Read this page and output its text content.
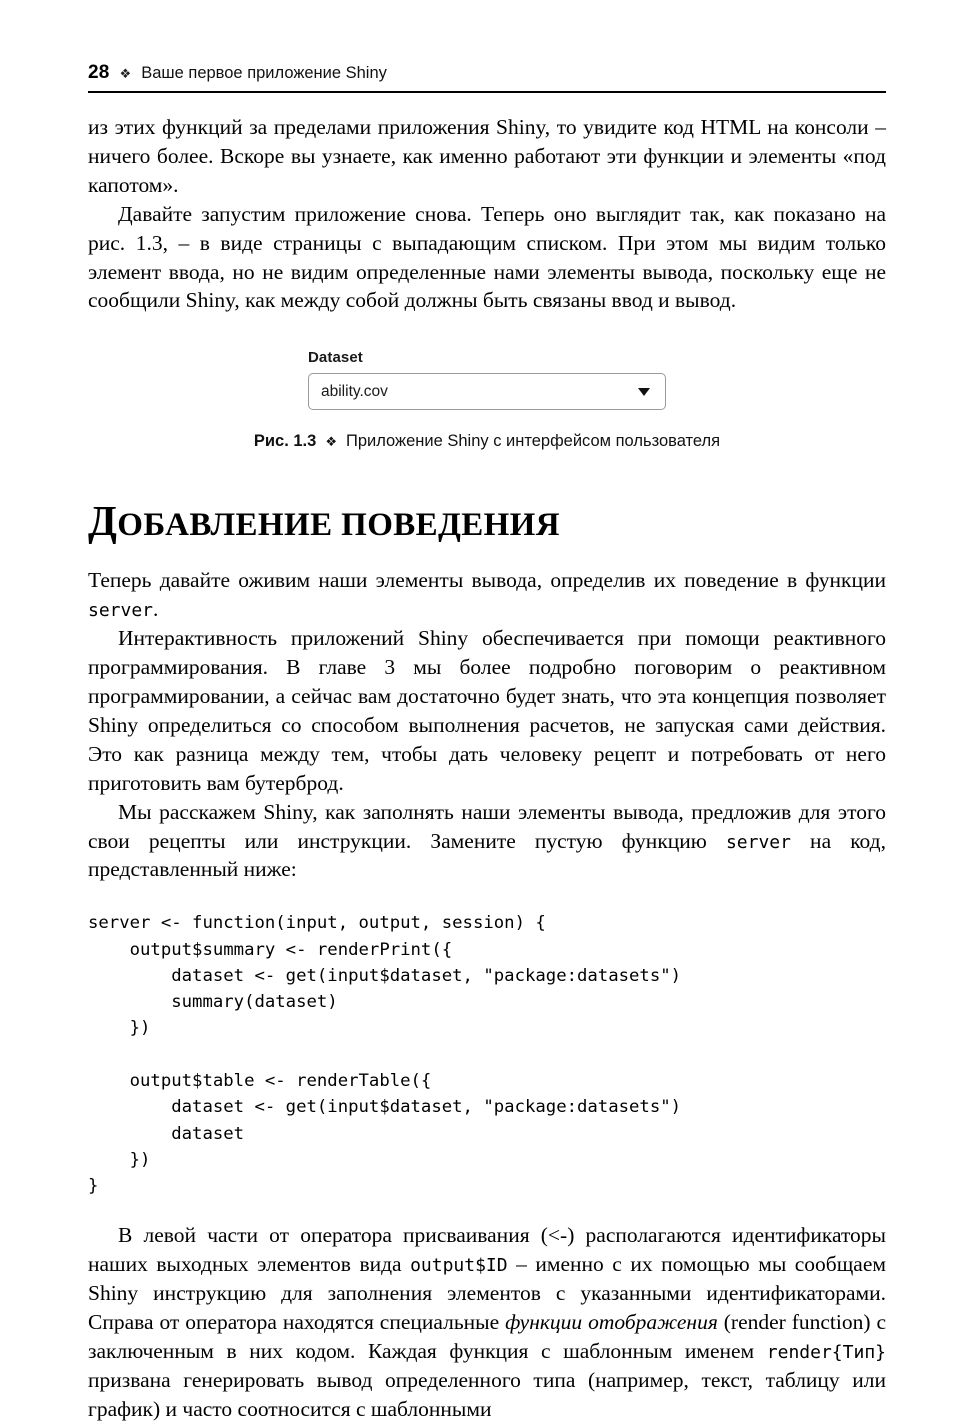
28 ❖ Ваше первое приложение Shiny

из этих функций за пределами приложения Shiny, то увидите код HTML на консоли – ничего более. Вскоре вы узнаете, как именно работают эти функции и элементы «под капотом».

Давайте запустим приложение снова. Теперь оно выглядит так, как показано на рис. 1.3, – в виде страницы с выпадающим списком. При этом мы видим только элемент ввода, но не видим определенные нами элементы вывода, поскольку еще не сообщили Shiny, как между собой должны быть связаны ввод и вывод.

Dataset
ability.cov
Рис. 1.3 ❖ Приложение Shiny с интерфейсом пользователя
ДОБАВЛЕНИЕ ПОВЕДЕНИЯ

Теперь давайте оживим наши элементы вывода, определив их поведение в функции server.

Интерактивность приложений Shiny обеспечивается при помощи реактивного программирования. В главе 3 мы более подробно поговорим о реактивном программировании, а сейчас вам достаточно будет знать, что эта концепция позволяет Shiny определиться со способом выполнения расчетов, не запуская сами действия. Это как разница между тем, чтобы дать человеку рецепт и потребовать от него приготовить вам бутерброд.

Мы расскажем Shiny, как заполнять наши элементы вывода, предложив для этого свои рецепты или инструкции. Замените пустую функцию server на код, представленный ниже:

server <- function(input, output, session) {
output$summary <- renderPrint({
dataset <- get(input$dataset, "package:datasets")
summary(dataset)
})

output$table <- renderTable({
dataset <- get(input$dataset, "package:datasets")
dataset
})
}

В левой части от оператора присваивания (<-) располагаются идентификаторы наших выходных элементов вида output$ID – именно с их помощью мы сообщаем Shiny инструкцию для заполнения элементов с указанными идентификаторами. Справа от оператора находятся специальные функции отображения (render function) с заключенным в них кодом. Каждая функция с шаблонным именем render{Тип} призвана генерировать вывод определенного типа (например, текст, таблицу или график) и часто соотносится с шаблонными
